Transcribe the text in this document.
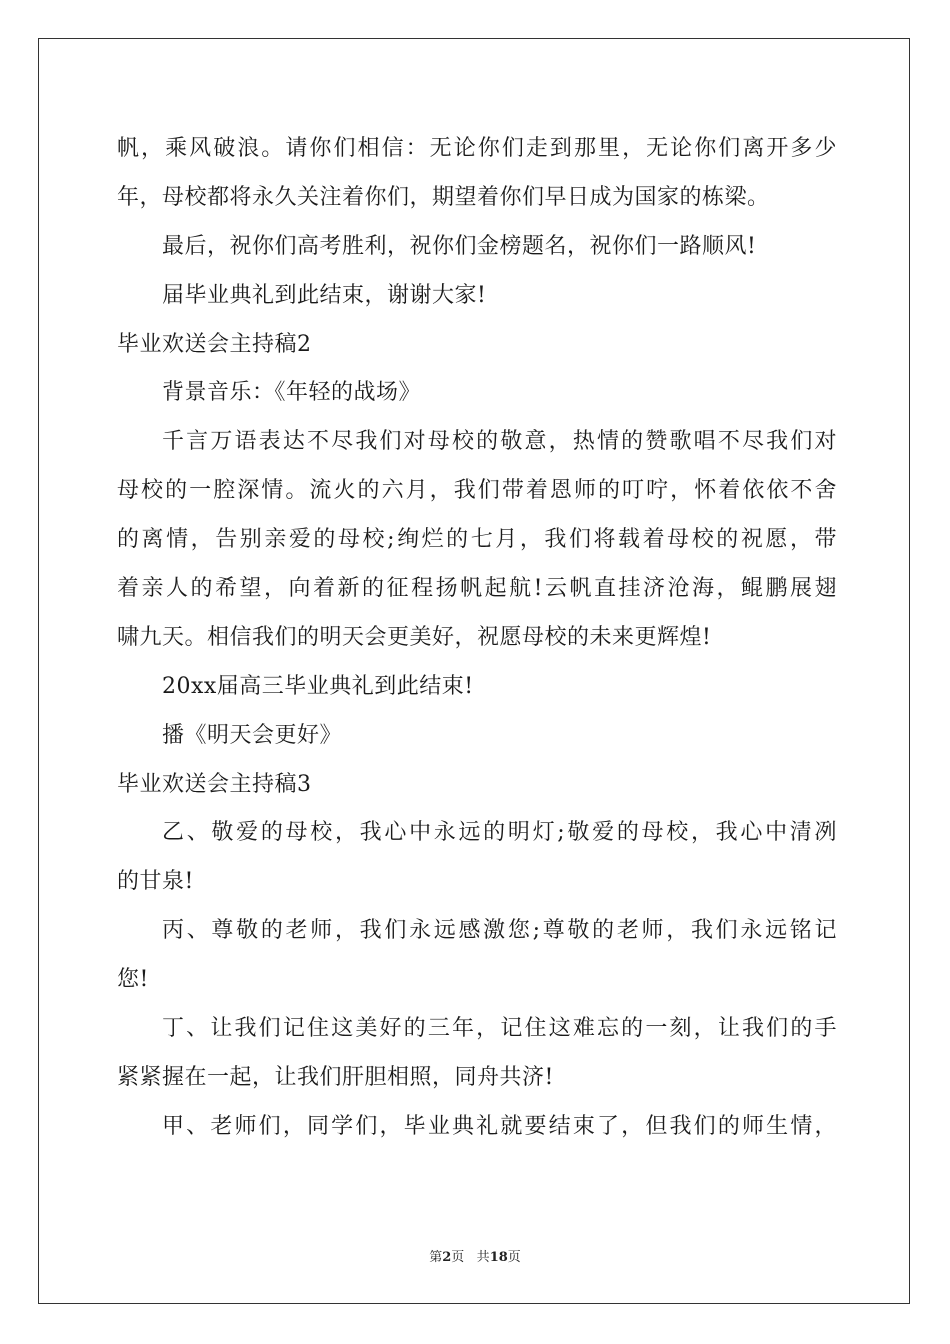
帆，乘风破浪。请你们相信：无论你们走到那里，无论你们离开多少
年，母校都将永久关注着你们，期望着你们早日成为国家的栋梁。
最后，祝你们高考胜利，祝你们金榜题名，祝你们一路顺风!
届毕业典礼到此结束，谢谢大家!
毕业欢送会主持稿2
背景音乐：《年轻的战场》
千言万语表达不尽我们对母校的敬意，热情的赞歌唱不尽我们对
母校的一腔深情。流火的六月，我们带着恩师的叮咛，怀着依依不舍
的离情，告别亲爱的母校;绚烂的七月，我们将载着母校的祝愿，带
着亲人的希望，向着新的征程扬帆起航!云帆直挂济沧海，鲲鹏展翅
啸九天。相信我们的明天会更美好，祝愿母校的未来更辉煌!
20xx届高三毕业典礼到此结束!
播《明天会更好》
毕业欢送会主持稿3
乙、敬爱的母校，我心中永远的明灯;敬爱的母校，我心中清冽
的甘泉!
丙、尊敬的老师，我们永远感激您;尊敬的老师，我们永远铭记
您!
丁、让我们记住这美好的三年，记住这难忘的一刻，让我们的手
紧紧握在一起，让我们肝胆相照，同舟共济!
甲、老师们，同学们，毕业典礼就要结束了，但我们的师生情，
第2页 共18页
